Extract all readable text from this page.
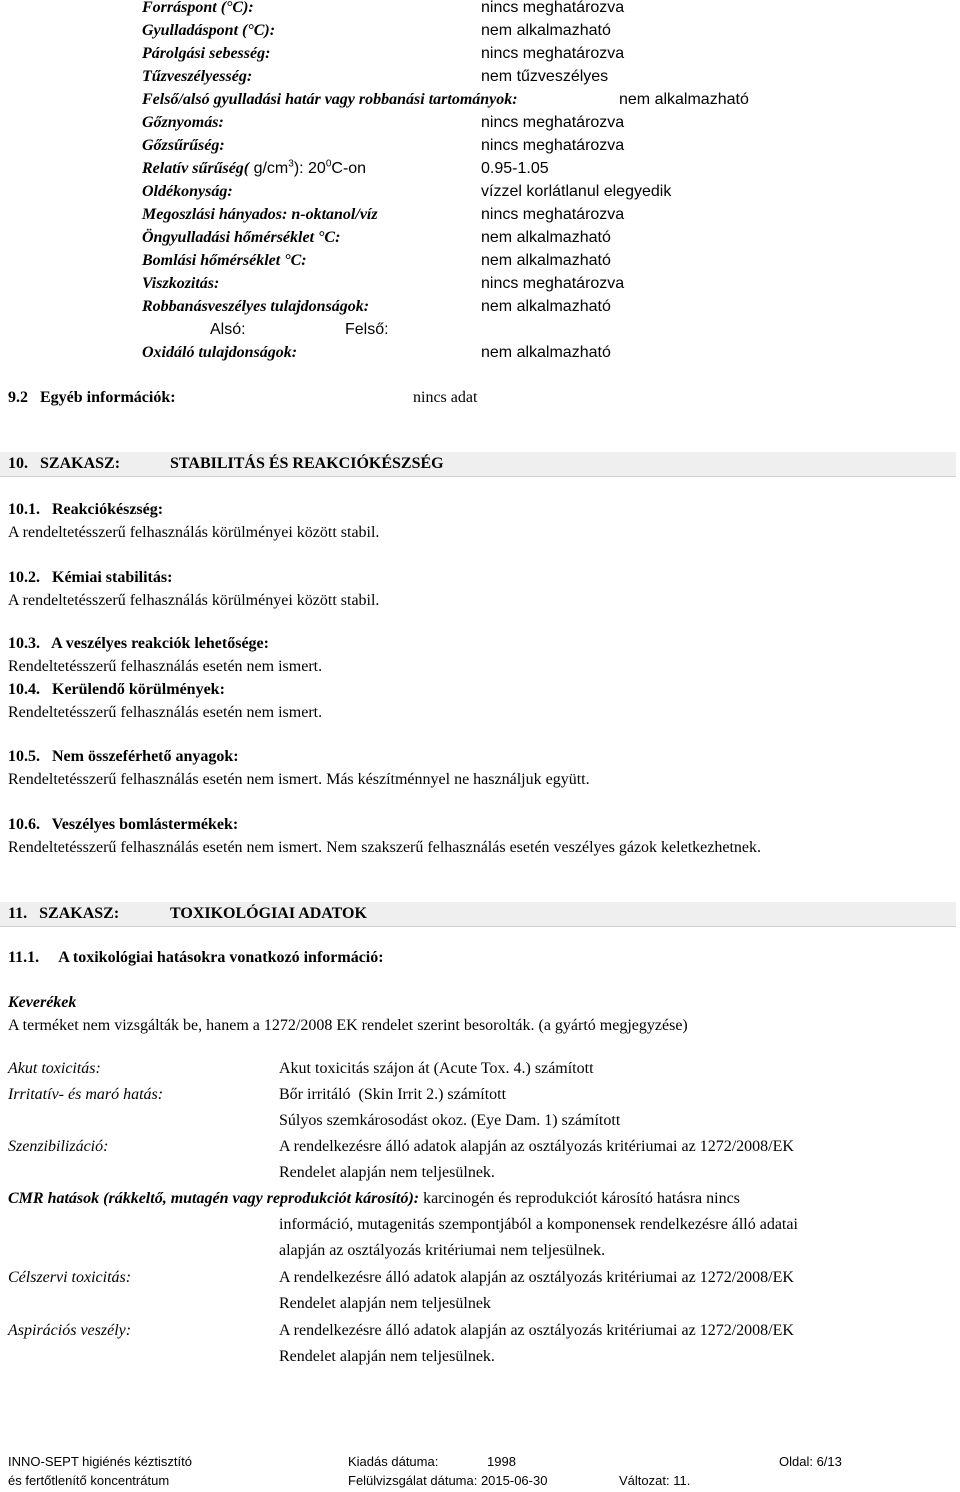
Forráspont (°C):	nincs meghatározva
Gyulladáspont (°C):	nem alkalmazható
Párolgási sebesség:	nincs meghatározva
Tűzveszélyesség:	nem tűzveszélyes
Felső/alsó gyulladási határ vagy robbanási tartományok:	nem alkalmazható
Gőznyomás:	nincs meghatározva
Gőzsűrűség:	nincs meghatározva
Relatív sűrűség( $g/cm^3$): $20^0C-on$	0.95-1.05
Oldékonyság:	vízzel korlátlanul elegyedik
Megoszlási hányados: n-oktanol/víz	nincs meghatározva
Öngyulladási hőmérséklet °C:	nem alkalmazható
Bomlási hőmérséklet °C:	nem alkalmazható
Viszkozitás:	nincs meghatározva
Robbanásveszélyes tulajdonságok:	nem alkalmazható
Alsó:	Felső:
Oxidáló tulajdonságok:	nem alkalmazható
9.2   Egyéb információk:	nincs adat
10.   SZAKASZ:	STABILITÁS ÉS REAKCIÓKÉSZSÉG
10.1.   Reakciókészség:
A rendeltetésszerű felhasználás körülményei között stabil.
10.2.   Kémiai stabilitás:
A rendeltetésszerű felhasználás körülményei között stabil.
10.3.   A veszélyes reakciók lehetősége:
Rendeltetésszerű felhasználás esetén nem ismert.
10.4.   Kerülendő körülmények:
Rendeltetésszerű felhasználás esetén nem ismert.
10.5.   Nem összeférhető anyagok:
Rendeltetésszerű felhasználás esetén nem ismert. Más készítménnyel ne használjuk együtt.
10.6.   Veszélyes bomlástermékek:
Rendeltetésszerű felhasználás esetén nem ismert. Nem szakszerű felhasználás esetén veszélyes gázok keletkezhetnek.
11.   SZAKASZ:	TOXIKOLÓGIAI ADATOK
11.1.     A toxikológiai hatásokra vonatkozó információ:
Keverékek
A terméket nem vizsgálták be, hanem a 1272/2008 EK rendelet szerint besorolták. (a gyártó megjegyzése)
Akut toxicitás:	Akut toxicitás szájon át (Acute Tox. 4.) számított
Irritatív- és maró hatás:	Bőr irritáló  (Skin Irrit 2.) számított
Súlyos szemkárosodást okoz. (Eye Dam. 1) számított
Szenzibilizáció:	A rendelkezésre álló adatok alapján az osztályozás kritériumai az 1272/2008/EK
Rendelet alapján nem teljesülnek.
CMR hatások (rákkeltő, mutagén vagy reprodukciót károsító): karcinogén és reprodukciót károsító hatásra nincs
információ, mutagenitás szempontjából a komponensek rendelkezésre álló adatai
alapján az osztályozás kritériumai nem teljesülnek.
Célszervi toxicitás:	A rendelkezésre álló adatok alapján az osztályozás kritériumai az 1272/2008/EK
Rendelet alapján nem teljesülnek
Aspirációs veszély:	A rendelkezésre álló adatok alapján az osztályozás kritériumai az 1272/2008/EK
Rendelet alapján nem teljesülnek.
INNO-SEPT higiénés kéztisztító
és fertőtlenítő koncentrátum
Kiadás dátuma:	1998
Felülvizsgálat dátuma: 2015-06-30	Változat: 11.
Oldal: 6/13
